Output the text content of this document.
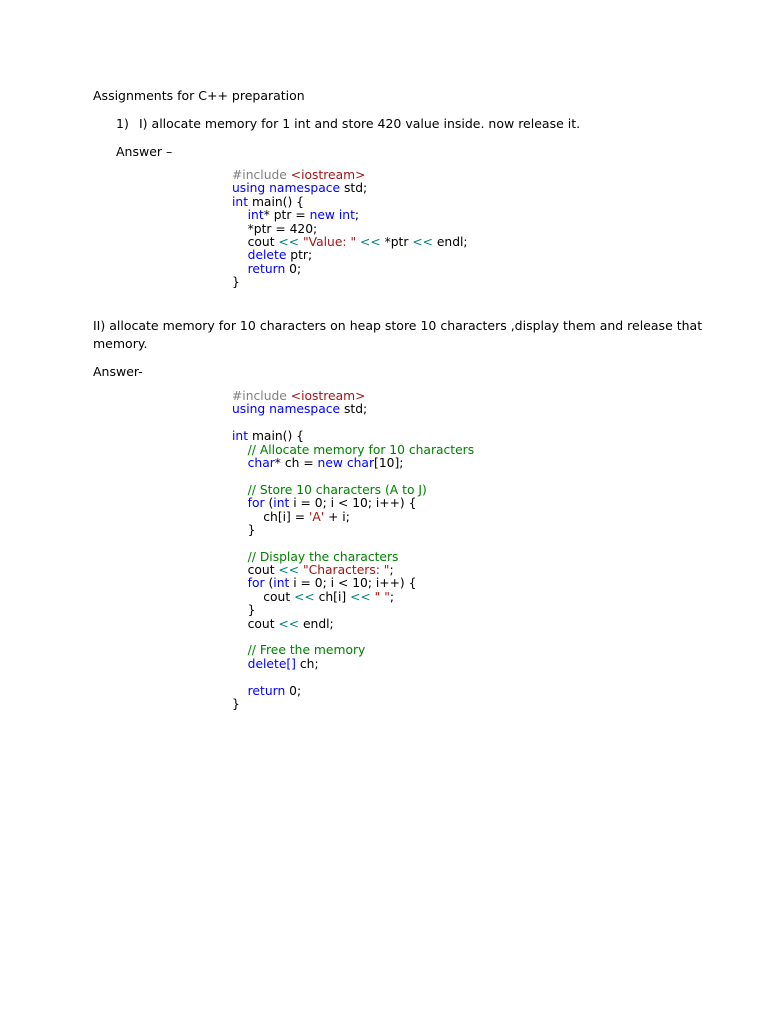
Assignments for C++ preparation
1) I) allocate memory for 1 int and store 420 value inside. now release it.
Answer –
#include <iostream>
using namespace std;
int main() {
int* ptr = new int;
*ptr = 420;
cout << "Value: " << *ptr << endl;
delete ptr;
return 0;
}
II) allocate memory for 10 characters on heap store 10 characters ,display them and release that
memory.
Answer-
#include <iostream>
using namespace std;
int main() {
// Allocate memory for 10 characters
char* ch = new char[10];
// Store 10 characters (A to J)
for (int i = 0; i < 10; i++) {
ch[i] = 'A' + i;
}
// Display the characters
cout << "Characters: ";
for (int i = 0; i < 10; i++) {
cout << ch[i] << " ";
}
cout << endl;
// Free the memory
delete[] ch;
return 0;
}
